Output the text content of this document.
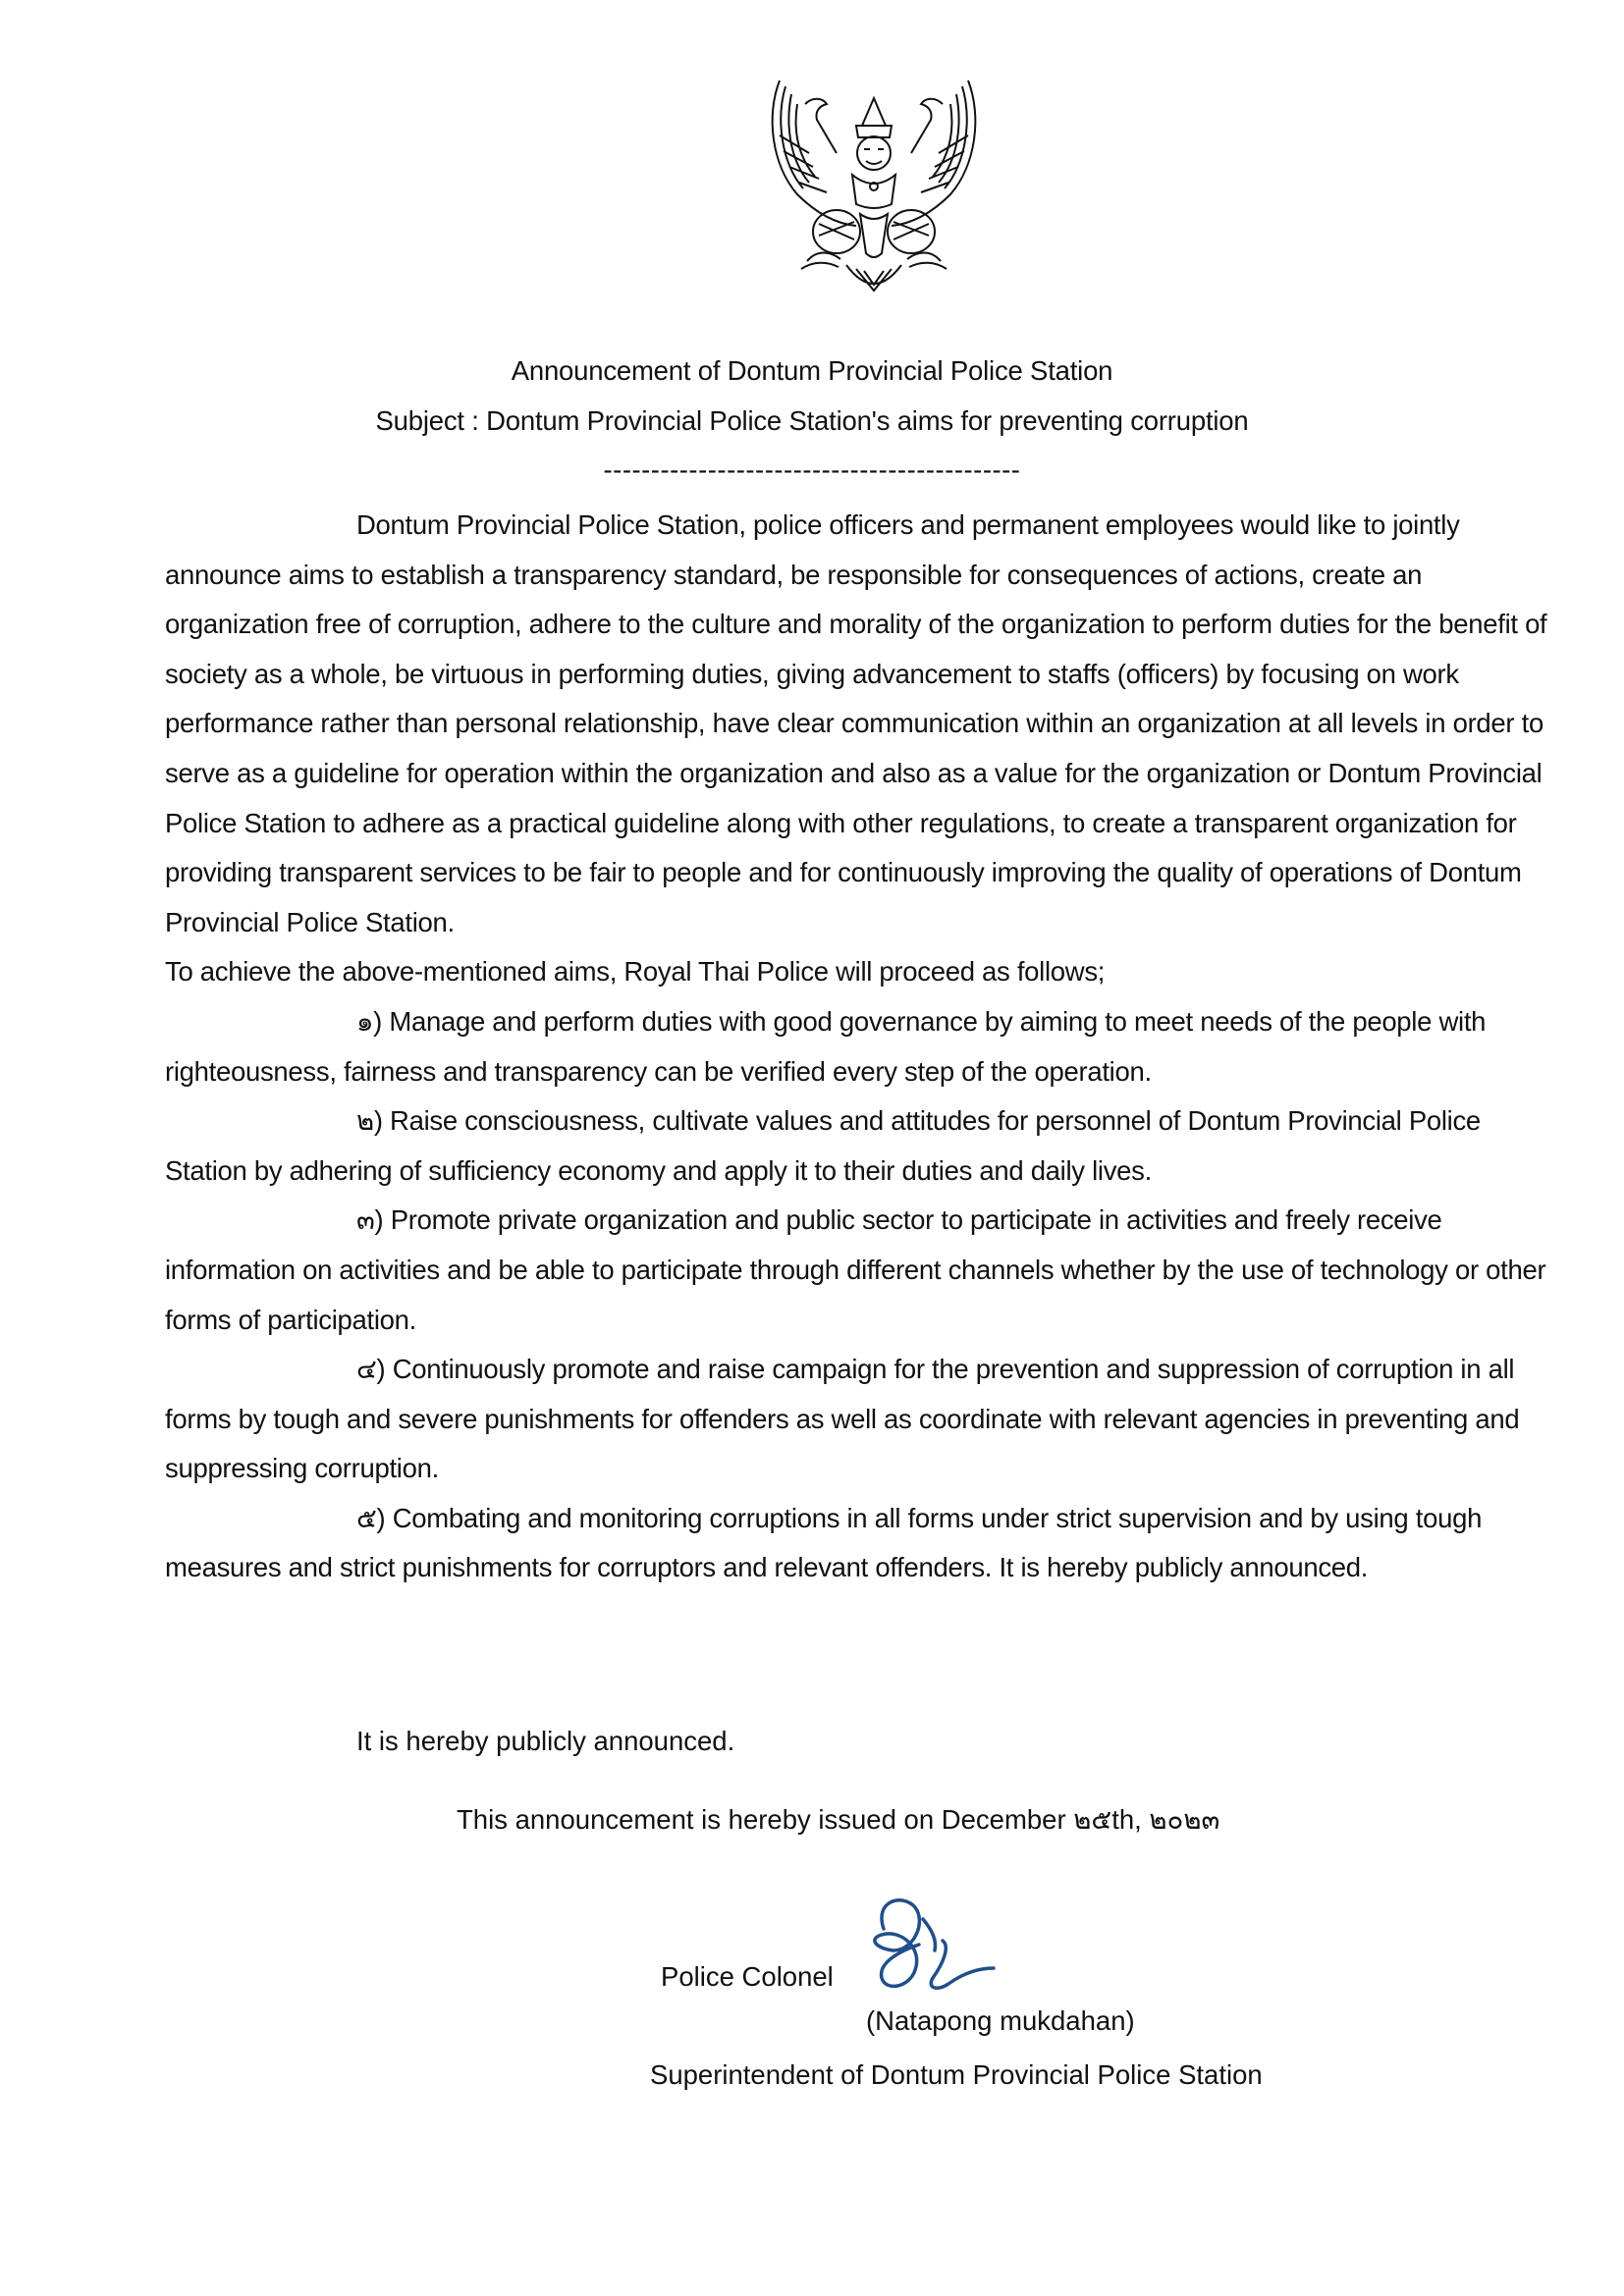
Announcement of Dontum Provincial Police Station
Subject : Dontum Provincial Police Station's aims for preventing corruption
--------------------------------------------

Dontum Provincial Police Station, police officers and permanent employees would like to jointly announce aims to establish a transparency standard, be responsible for consequences of actions, create an organization free of corruption, adhere to the culture and morality of the organization to perform duties for the benefit of society as a whole, be virtuous in performing duties, giving advancement to staffs (officers) by focusing on work performance rather than personal relationship, have clear communication within an organization at all levels in order to serve as a guideline for operation within the organization and also as a value for the organization or Dontum Provincial Police Station to adhere as a practical guideline along with other regulations, to create a transparent organization for providing transparent services to be fair to people and for continuously improving the quality of operations of Dontum Provincial Police Station.

To achieve the above-mentioned aims, Royal Thai Police will proceed as follows;

๑) Manage and perform duties with good governance by aiming to meet needs of the people with righteousness, fairness and transparency can be verified every step of the operation.

๒) Raise consciousness, cultivate values and attitudes for personnel of Dontum Provincial Police Station by adhering of sufficiency economy and apply it to their duties and daily lives.

๓) Promote private organization and public sector to participate in activities and freely receive information on activities and be able to participate through different channels whether by the use of technology or other forms of participation.

๔) Continuously promote and raise campaign for the prevention and suppression of corruption in all forms by tough and severe punishments for offenders as well as coordinate with relevant agencies in preventing and suppressing corruption.

๕) Combating and monitoring corruptions in all forms under strict supervision and by using tough measures and strict punishments for corruptors and relevant offenders. It is hereby publicly announced.

It is hereby publicly announced.
This announcement is hereby issued on December ๒๕th, ๒๐๒๓
Police Colonel
(Natapong mukdahan)
Superintendent of Dontum Provincial Police Station
